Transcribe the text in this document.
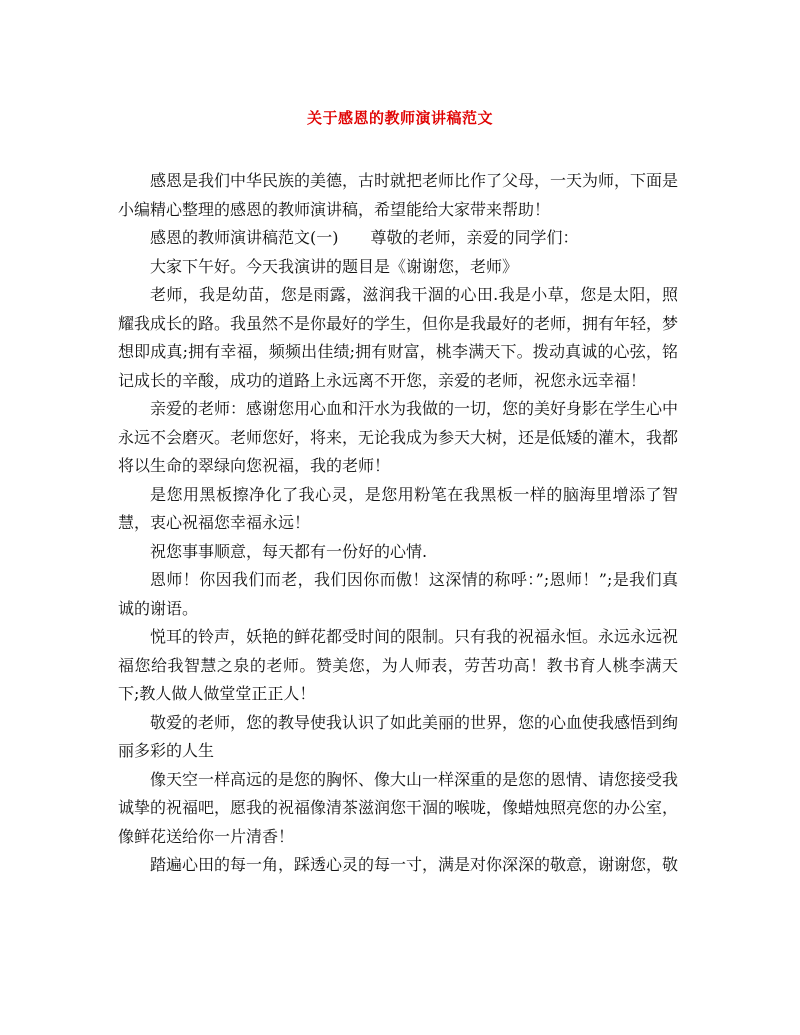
关于感恩的教师演讲稿范文

感恩是我们中华民族的美德，古时就把老师比作了父母，一天为师，下面是小编精心整理的感恩的教师演讲稿，希望能给大家带来帮助！

感恩的教师演讲稿范文(一)　　尊敬的老师，亲爱的同学们：

大家下午好。今天我演讲的题目是《谢谢您，老师》

老师，我是幼苗，您是雨露，滋润我干涸的心田.我是小草，您是太阳，照耀我成长的路。我虽然不是你最好的学生，但你是我最好的老师，拥有年轻，梦想即成真;拥有幸福，频频出佳绩;拥有财富，桃李满天下。拨动真诚的心弦，铭记成长的辛酸，成功的道路上永远离不开您，亲爱的老师，祝您永远幸福！

亲爱的老师：感谢您用心血和汗水为我做的一切，您的美好身影在学生心中永远不会磨灭。老师您好，将来，无论我成为参天大树，还是低矮的灌木，我都将以生命的翠绿向您祝福，我的老师！

是您用黑板擦净化了我心灵，是您用粉笔在我黑板一样的脑海里增添了智慧，衷心祝福您幸福永远！

祝您事事顺意，每天都有一份好的心情.

恩师！你因我们而老，我们因你而傲！这深情的称呼：”;恩师！”;是我们真诚的谢语。

悦耳的铃声，妖艳的鲜花都受时间的限制。只有我的祝福永恒。永远永远祝福您给我智慧之泉的老师。赞美您，为人师表，劳苦功高！教书育人桃李满天下;教人做人做堂堂正正人！

敬爱的老师，您的教导使我认识了如此美丽的世界，您的心血使我感悟到绚丽多彩的人生

像天空一样高远的是您的胸怀、像大山一样深重的是您的恩情、请您接受我诚挚的祝福吧，愿我的祝福像清茶滋润您干涸的喉咙，像蜡烛照亮您的办公室，像鲜花送给你一片清香！

踏遍心田的每一角，踩透心灵的每一寸，满是对你深深的敬意，谢谢您，敬
